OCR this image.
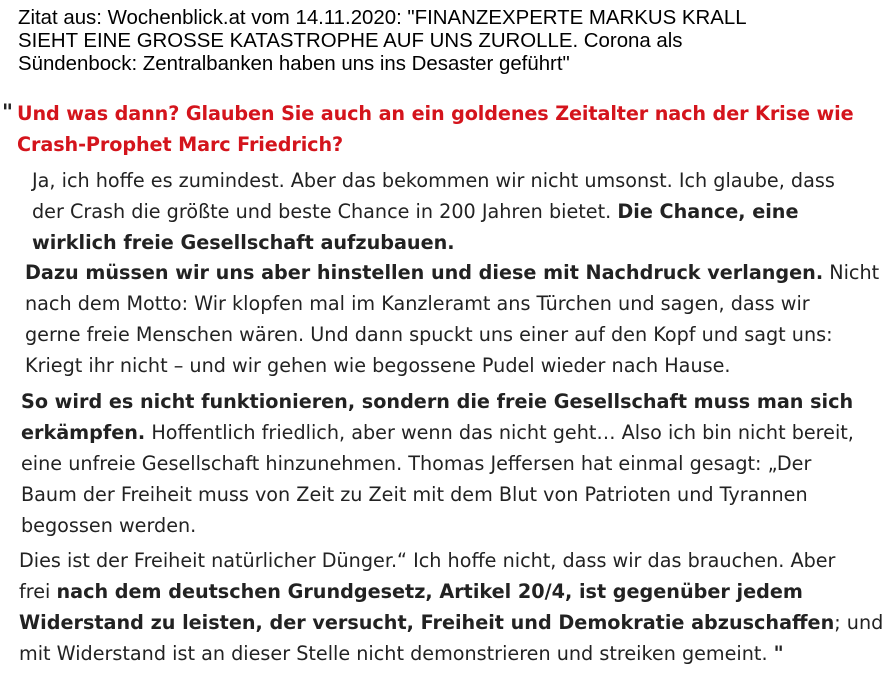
Zitat aus: Wochenblick.at vom 14.11.2020: "FINANZEXPERTE MARKUS KRALL
SIEHT EINE GROSSE KATASTROPHE AUF UNS ZUROLLE. Corona als
Sündenbock: Zentralbanken haben uns ins Desaster geführt"
" Und was dann? Glauben Sie auch an ein goldenes Zeitalter nach der Krise wie
Crash-Prophet Marc Friedrich?
Ja, ich hoffe es zumindest. Aber das bekommen wir nicht umsonst. Ich glaube, dass
der Crash die größte und beste Chance in 200 Jahren bietet. Die Chance, eine
wirklich freie Gesellschaft aufzubauen.
Dazu müssen wir uns aber hinstellen und diese mit Nachdruck verlangen. Nicht
nach dem Motto: Wir klopfen mal im Kanzleramt ans Türchen und sagen, dass wir
gerne freie Menschen wären. Und dann spuckt uns einer auf den Kopf und sagt uns:
Kriegt ihr nicht – und wir gehen wie begossene Pudel wieder nach Hause.
So wird es nicht funktionieren, sondern die freie Gesellschaft muss man sich
erkämpfen. Hoffentlich friedlich, aber wenn das nicht geht… Also ich bin nicht bereit,
eine unfreie Gesellschaft hinzunehmen. Thomas Jeffersen hat einmal gesagt: „Der
Baum der Freiheit muss von Zeit zu Zeit mit dem Blut von Patrioten und Tyrannen
begossen werden.
Dies ist der Freiheit natürlicher Dünger.“ Ich hoffe nicht, dass wir das brauchen. Aber
frei nach dem deutschen Grundgesetz, Artikel 20/4, ist gegenüber jedem
Widerstand zu leisten, der versucht, Freiheit und Demokratie abzuschaffen; und
mit Widerstand ist an dieser Stelle nicht demonstrieren und streiken gemeint. "
